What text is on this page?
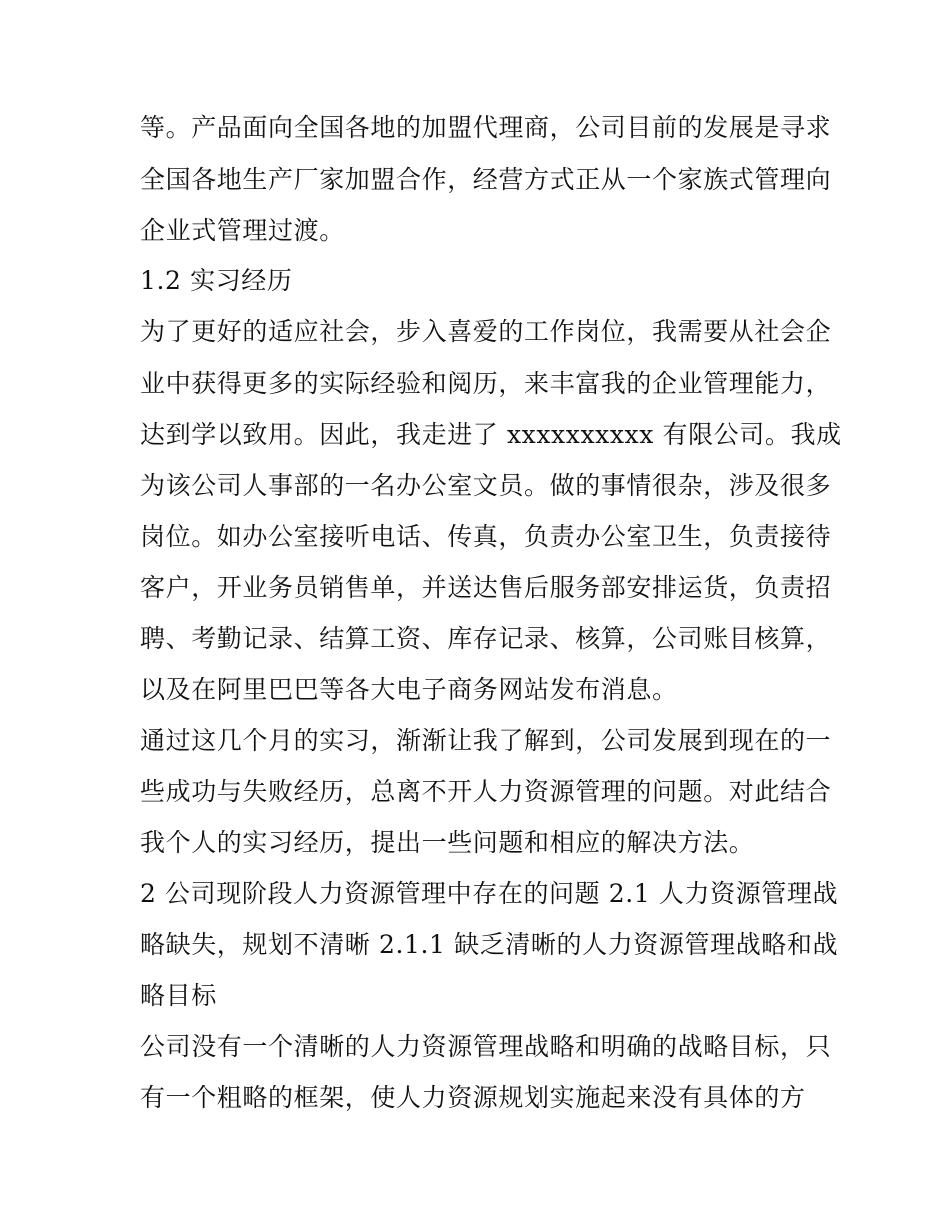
等。产品面向全国各地的加盟代理商，公司目前的发展是寻求
全国各地生产厂家加盟合作，经营方式正从一个家族式管理向
企业式管理过渡。
1.2 实习经历
为了更好的适应社会，步入喜爱的工作岗位，我需要从社会企
业中获得更多的实际经验和阅历，来丰富我的企业管理能力，
达到学以致用。因此，我走进了 xxxxxxxxxx 有限公司。我成
为该公司人事部的一名办公室文员。做的事情很杂，涉及很多
岗位。如办公室接听电话、传真，负责办公室卫生，负责接待
客户，开业务员销售单，并送达售后服务部安排运货，负责招
聘、考勤记录、结算工资、库存记录、核算，公司账目核算，
以及在阿里巴巴等各大电子商务网站发布消息。
通过这几个月的实习，渐渐让我了解到，公司发展到现在的一
些成功与失败经历，总离不开人力资源管理的问题。对此结合
我个人的实习经历，提出一些问题和相应的解决方法。
2 公司现阶段人力资源管理中存在的问题 2.1 人力资源管理战
略缺失，规划不清晰 2.1.1 缺乏清晰的人力资源管理战略和战
略目标
公司没有一个清晰的人力资源管理战略和明确的战略目标，只
有一个粗略的框架，使人力资源规划实施起来没有具体的方
